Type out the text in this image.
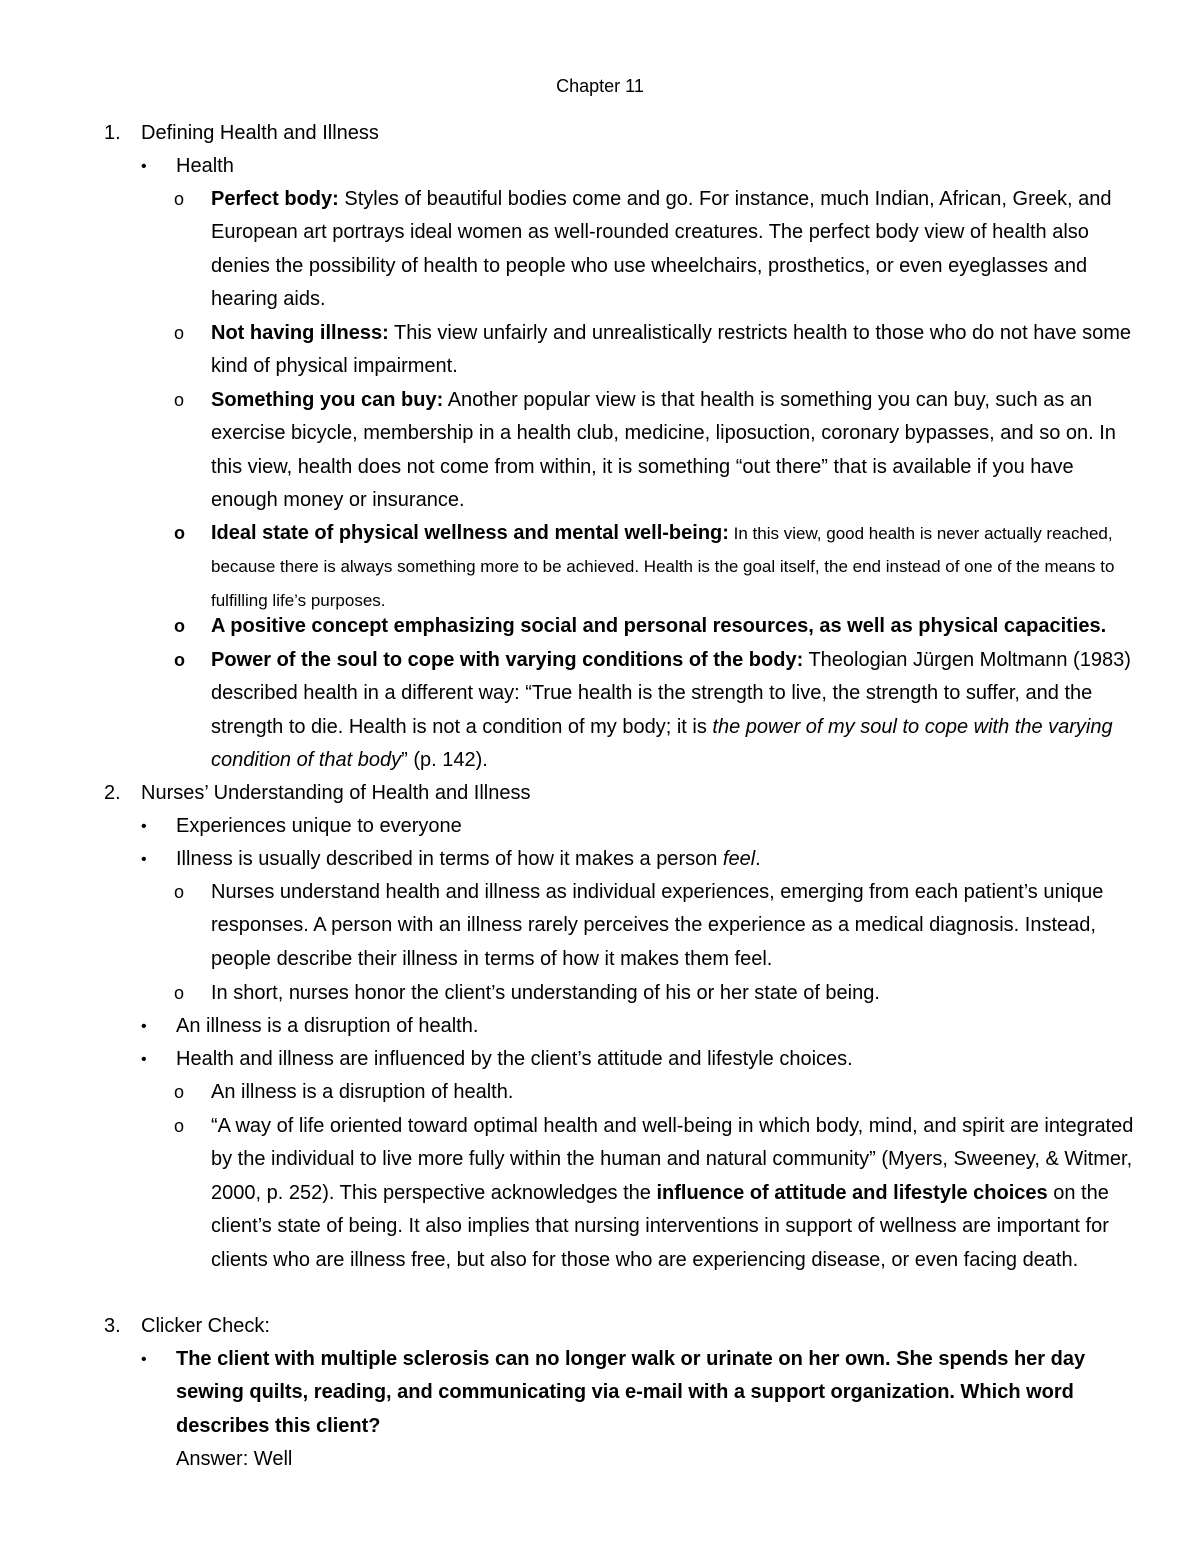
Chapter 11
1.	Defining Health and Illness
•	Health
o	Perfect body: Styles of beautiful bodies come and go. For instance, much Indian, African, Greek, and European art portrays ideal women as well-rounded creatures. The perfect body view of health also denies the possibility of health to people who use wheelchairs, prosthetics, or even eyeglasses and hearing aids.
o	Not having illness: This view unfairly and unrealistically restricts health to those who do not have some kind of physical impairment.
o	Something you can buy: Another popular view is that health is something you can buy, such as an exercise bicycle, membership in a health club, medicine, liposuction, coronary bypasses, and so on. In this view, health does not come from within, it is something “out there” that is available if you have enough money or insurance.
o	Ideal state of physical wellness and mental well-being: In this view, good health is never actually reached, because there is always something more to be achieved. Health is the goal itself, the end instead of one of the means to fulfilling life’s purposes.
o	A positive concept emphasizing social and personal resources, as well as physical capacities.
o	Power of the soul to cope with varying conditions of the body: Theologian Jürgen Moltmann (1983) described health in a different way: “True health is the strength to live, the strength to suffer, and the strength to die. Health is not a condition of my body; it is the power of my soul to cope with the varying condition of that body” (p. 142).
2.	Nurses’ Understanding of Health and Illness
•	Experiences unique to everyone
•	Illness is usually described in terms of how it makes a person feel.
o	Nurses understand health and illness as individual experiences, emerging from each patient’s unique responses. A person with an illness rarely perceives the experience as a medical diagnosis. Instead, people describe their illness in terms of how it makes them feel.
o	In short, nurses honor the client’s understanding of his or her state of being.
•	An illness is a disruption of health.
•	Health and illness are influenced by the client’s attitude and lifestyle choices.
o	An illness is a disruption of health.
o	“A way of life oriented toward optimal health and well-being in which body, mind, and spirit are integrated by the individual to live more fully within the human and natural community” (Myers, Sweeney, & Witmer, 2000, p. 252). This perspective acknowledges the influence of attitude and lifestyle choices on the client’s state of being. It also implies that nursing interventions in support of wellness are important for clients who are illness free, but also for those who are experiencing disease, or even facing death.
3.	Clicker Check:
•	The client with multiple sclerosis can no longer walk or urinate on her own. She spends her day sewing quilts, reading, and communicating via e-mail with a support organization. Which word describes this client?
Answer: Well
